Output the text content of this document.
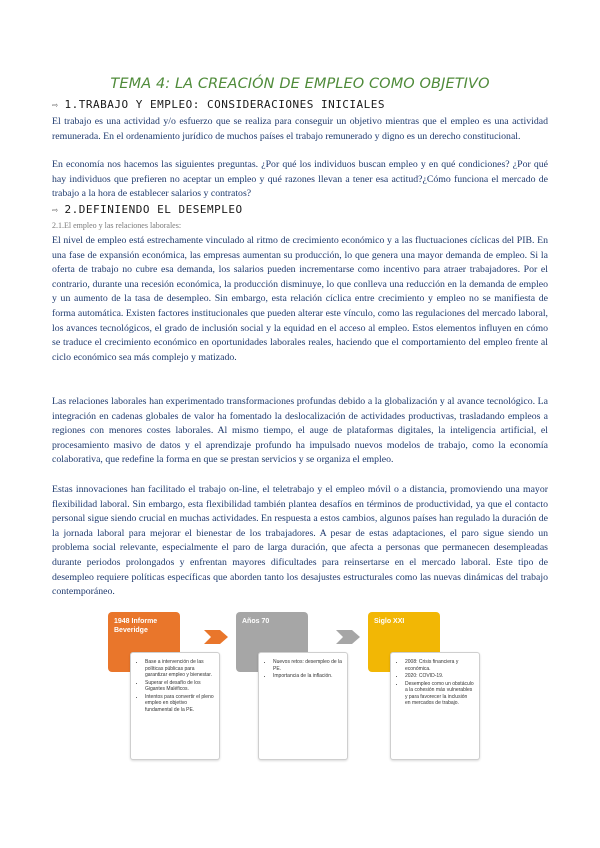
TEMA 4: LA CREACIÓN DE EMPLEO COMO OBJETIVO
⇨ 1.TRABAJO Y EMPLEO: CONSIDERACIONES INICIALES

El trabajo es una actividad y/o esfuerzo que se realiza para conseguir un objetivo mientras que el empleo es una actividad remunerada. En el ordenamiento jurídico de muchos países el trabajo remunerado y digno es un derecho constitucional.

En economía nos hacemos las siguientes preguntas. ¿Por qué los individuos buscan empleo y en qué condiciones? ¿Por qué hay individuos que prefieren no aceptar un empleo y qué razones llevan a tener esa actitud?¿Cómo funciona el mercado de trabajo a la hora de establecer salarios y contratos?

⇨ 2.DEFINIENDO EL DESEMPLEO
2.1.El empleo y las relaciones laborales:

El nivel de empleo está estrechamente vinculado al ritmo de crecimiento económico y a las fluctuaciones cíclicas del PIB. En una fase de expansión económica, las empresas aumentan su producción, lo que genera una mayor demanda de empleo. Si la oferta de trabajo no cubre esa demanda, los salarios pueden incrementarse como incentivo para atraer trabajadores. Por el contrario, durante una recesión económica, la producción disminuye, lo que conlleva una reducción en la demanda de empleo y un aumento de la tasa de desempleo. Sin embargo, esta relación cíclica entre crecimiento y empleo no se manifiesta de forma automática. Existen factores institucionales que pueden alterar este vínculo, como las regulaciones del mercado laboral, los avances tecnológicos, el grado de inclusión social y la equidad en el acceso al empleo. Estos elementos influyen en cómo se traduce el crecimiento económico en oportunidades laborales reales, haciendo que el comportamiento del empleo frente al ciclo económico sea más complejo y matizado.

Las relaciones laborales han experimentado transformaciones profundas debido a la globalización y al avance tecnológico. La integración en cadenas globales de valor ha fomentado la deslocalización de actividades productivas, trasladando empleos a regiones con menores costes laborales. Al mismo tiempo, el auge de plataformas digitales, la inteligencia artificial, el procesamiento masivo de datos y el aprendizaje profundo ha impulsado nuevos modelos de trabajo, como la economía colaborativa, que redefine la forma en que se prestan servicios y se organiza el empleo.

Estas innovaciones han facilitado el trabajo on-line, el teletrabajo y el empleo móvil o a distancia, promoviendo una mayor flexibilidad laboral. Sin embargo, esta flexibilidad también plantea desafíos en términos de productividad, ya que el contacto personal sigue siendo crucial en muchas actividades. En respuesta a estos cambios, algunos países han regulado la duración de la jornada laboral para mejorar el bienestar de los trabajadores. A pesar de estas adaptaciones, el paro sigue siendo un problema social relevante, especialmente el paro de larga duración, que afecta a personas que permanecen desempleadas durante periodos prolongados y enfrentan mayores dificultades para reinsertarse en el mercado laboral. Este tipo de desempleo requiere políticas específicas que aborden tanto los desajustes estructurales como las nuevas dinámicas del trabajo contemporáneo.

1948 Informe Beveridge
• Base a intervención de las políticas públicas para garantizar empleo y bienestar.
• Superar el desafío de los Gigantes Maléficos.
• Intentos para convertir el pleno empleo en objetivo fundamental de la PE.
Años 70
• Nuevos retos: desempleo de la PE.
• Importancia de la inflación.
Siglo XXI
• 2008: Crisis financiera y económica.
• 2020: COVID-19.
• Desempleo como un obstáculo a la cohesión más vulnerables y para favorecer la inclusión en mercados de trabajo.
